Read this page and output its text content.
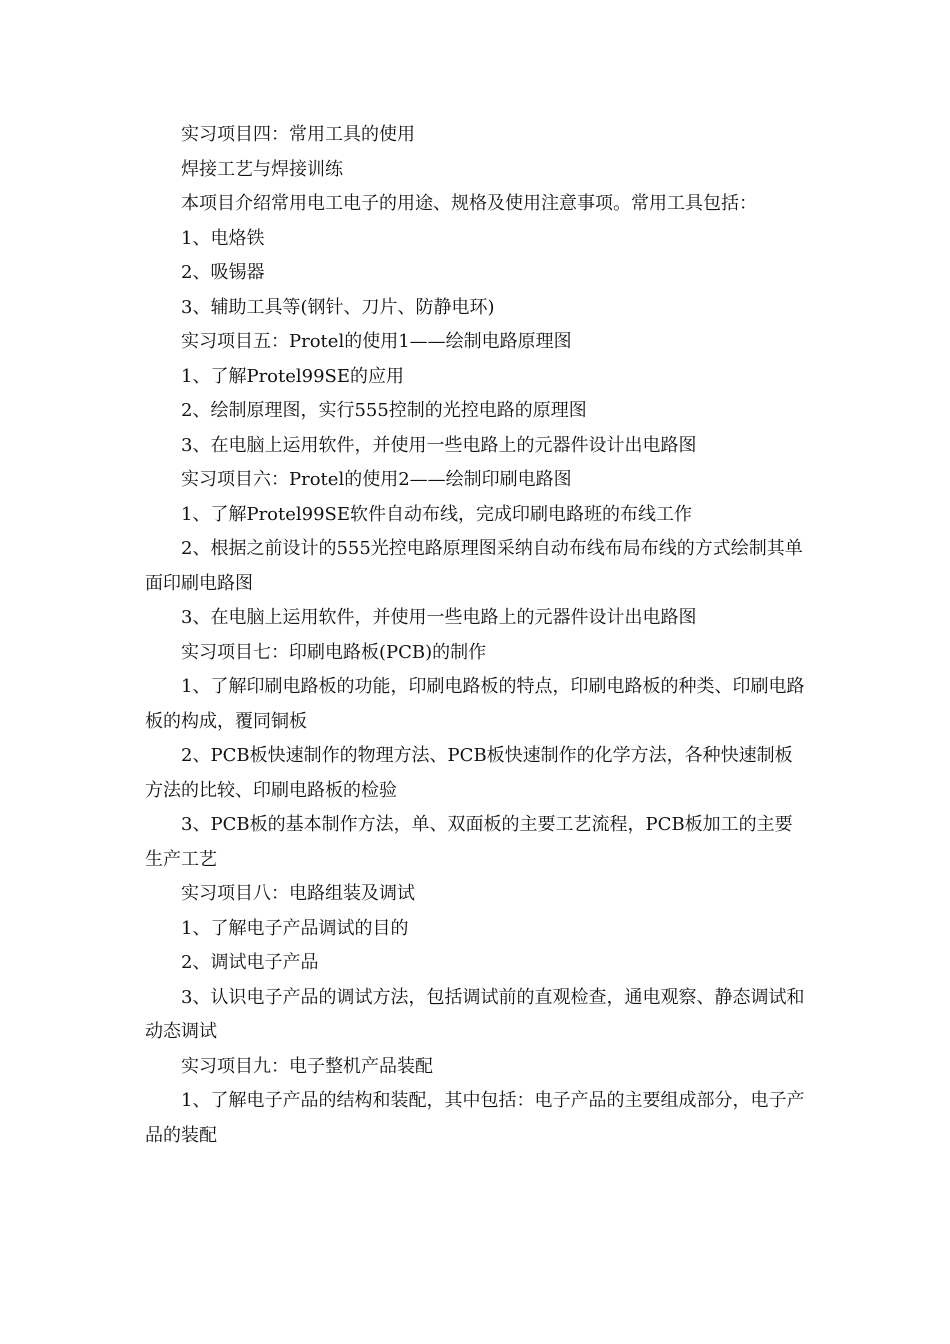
实习项目四：常用工具的使用

焊接工艺与焊接训练

本项目介绍常用电工电子的用途、规格及使用注意事项。常用工具包括：

1、电烙铁

2、吸锡器

3、辅助工具等(钢针、刀片、防静电环)

实习项目五：Protel的使用1——绘制电路原理图

1、了解Protel99SE的应用

2、绘制原理图，实行555控制的光控电路的原理图

3、在电脑上运用软件，并使用一些电路上的元器件设计出电路图

实习项目六：Protel的使用2——绘制印刷电路图

1、了解Protel99SE软件自动布线，完成印刷电路班的布线工作

2、根据之前设计的555光控电路原理图采纳自动布线布局布线的方式绘制其单面印刷电路图

3、在电脑上运用软件，并使用一些电路上的元器件设计出电路图

实习项目七：印刷电路板(PCB)的制作

1、了解印刷电路板的功能，印刷电路板的特点，印刷电路板的种类、印刷电路板的构成，覆同铜板

2、PCB板快速制作的物理方法、PCB板快速制作的化学方法，各种快速制板方法的比较、印刷电路板的检验

3、PCB板的基本制作方法，单、双面板的主要工艺流程，PCB板加工的主要生产工艺

实习项目八：电路组装及调试

1、了解电子产品调试的目的

2、调试电子产品

3、认识电子产品的调试方法，包括调试前的直观检查，通电观察、静态调试和动态调试

实习项目九：电子整机产品装配

1、了解电子产品的结构和装配，其中包括：电子产品的主要组成部分，电子产品的装配
